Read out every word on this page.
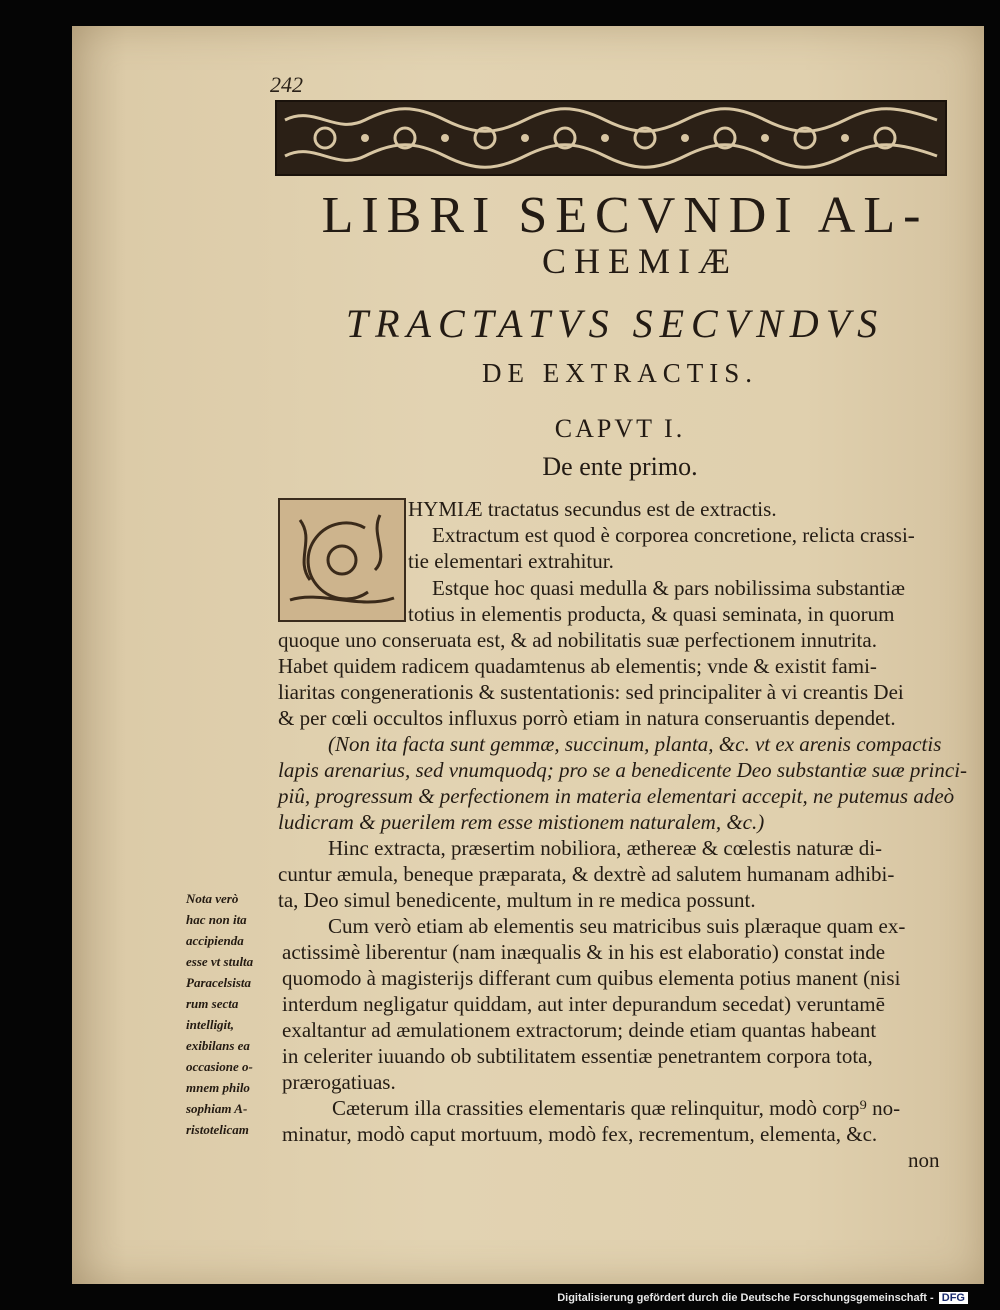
242
LIBRI SECVNDI AL-
CHEMIÆ
TRACTATVS SECVNDVS
DE EXTRACTIS.
CAPVT I.
De ente primo.
HYMIÆ tractatus secundus est de extractis.
Extractum est quod è corporea concretione, relicta crassi-
tie elementari extrahitur.
Estque hoc quasi medulla & pars nobilissima substantiæ
totius in elementis producta, & quasi seminata, in quorum
quoque uno conseruata est, & ad nobilitatis suæ perfectionem innutrita.
Habet quidem radicem quadamtenus ab elementis; vnde & existit fami-
liaritas congenerationis & sustentationis: sed principaliter à vi creantis Dei
& per cœli occultos influxus porrò etiam in natura conseruantis dependet.
(Non ita facta sunt gemmæ, succinum, planta, &c. vt ex arenis compactis
lapis arenarius, sed vnumquodq; pro se a benedicente Deo substantiæ suæ princi-
piû, progressum & perfectionem in materia elementari accepit, ne putemus adeò
ludicram & puerilem rem esse mistionem naturalem, &c.)
Hinc extracta, præsertim nobiliora, æthereæ & cœlestis naturæ di-
cuntur æmula, beneque præparata, & dextrè ad salutem humanam adhibi-
ta, Deo simul benedicente, multum in re medica possunt.
Cum verò etiam ab elementis seu matricibus suis plæraque quam ex-
actissimè liberentur (nam inæqualis & in his est elaboratio) constat inde
quomodo à magisterijs differant cum quibus elementa potius manent (nisi
interdum negligatur quiddam, aut inter depurandum secedat) veruntamē
exaltantur ad æmulationem extractorum; deinde etiam quantas habeant
in celeriter iuuando ob subtilitatem essentiæ penetrantem corpora tota,
prærogatiuas.
Cæterum illa crassities elementaris quæ relinquitur, modò corp⁹ no-
minatur, modò caput mortuum, modò fex, recrementum, elementa, &c.
non
Nota verò
hac non ita
accipienda
esse vt stulta
Paracelsista
rum secta
intelligit,
exibilans ea
occasione o-
mnem philo
sophiam A-
ristotelicam
Digitalisierung gefördert durch die Deutsche Forschungsgemeinschaft - DFG
